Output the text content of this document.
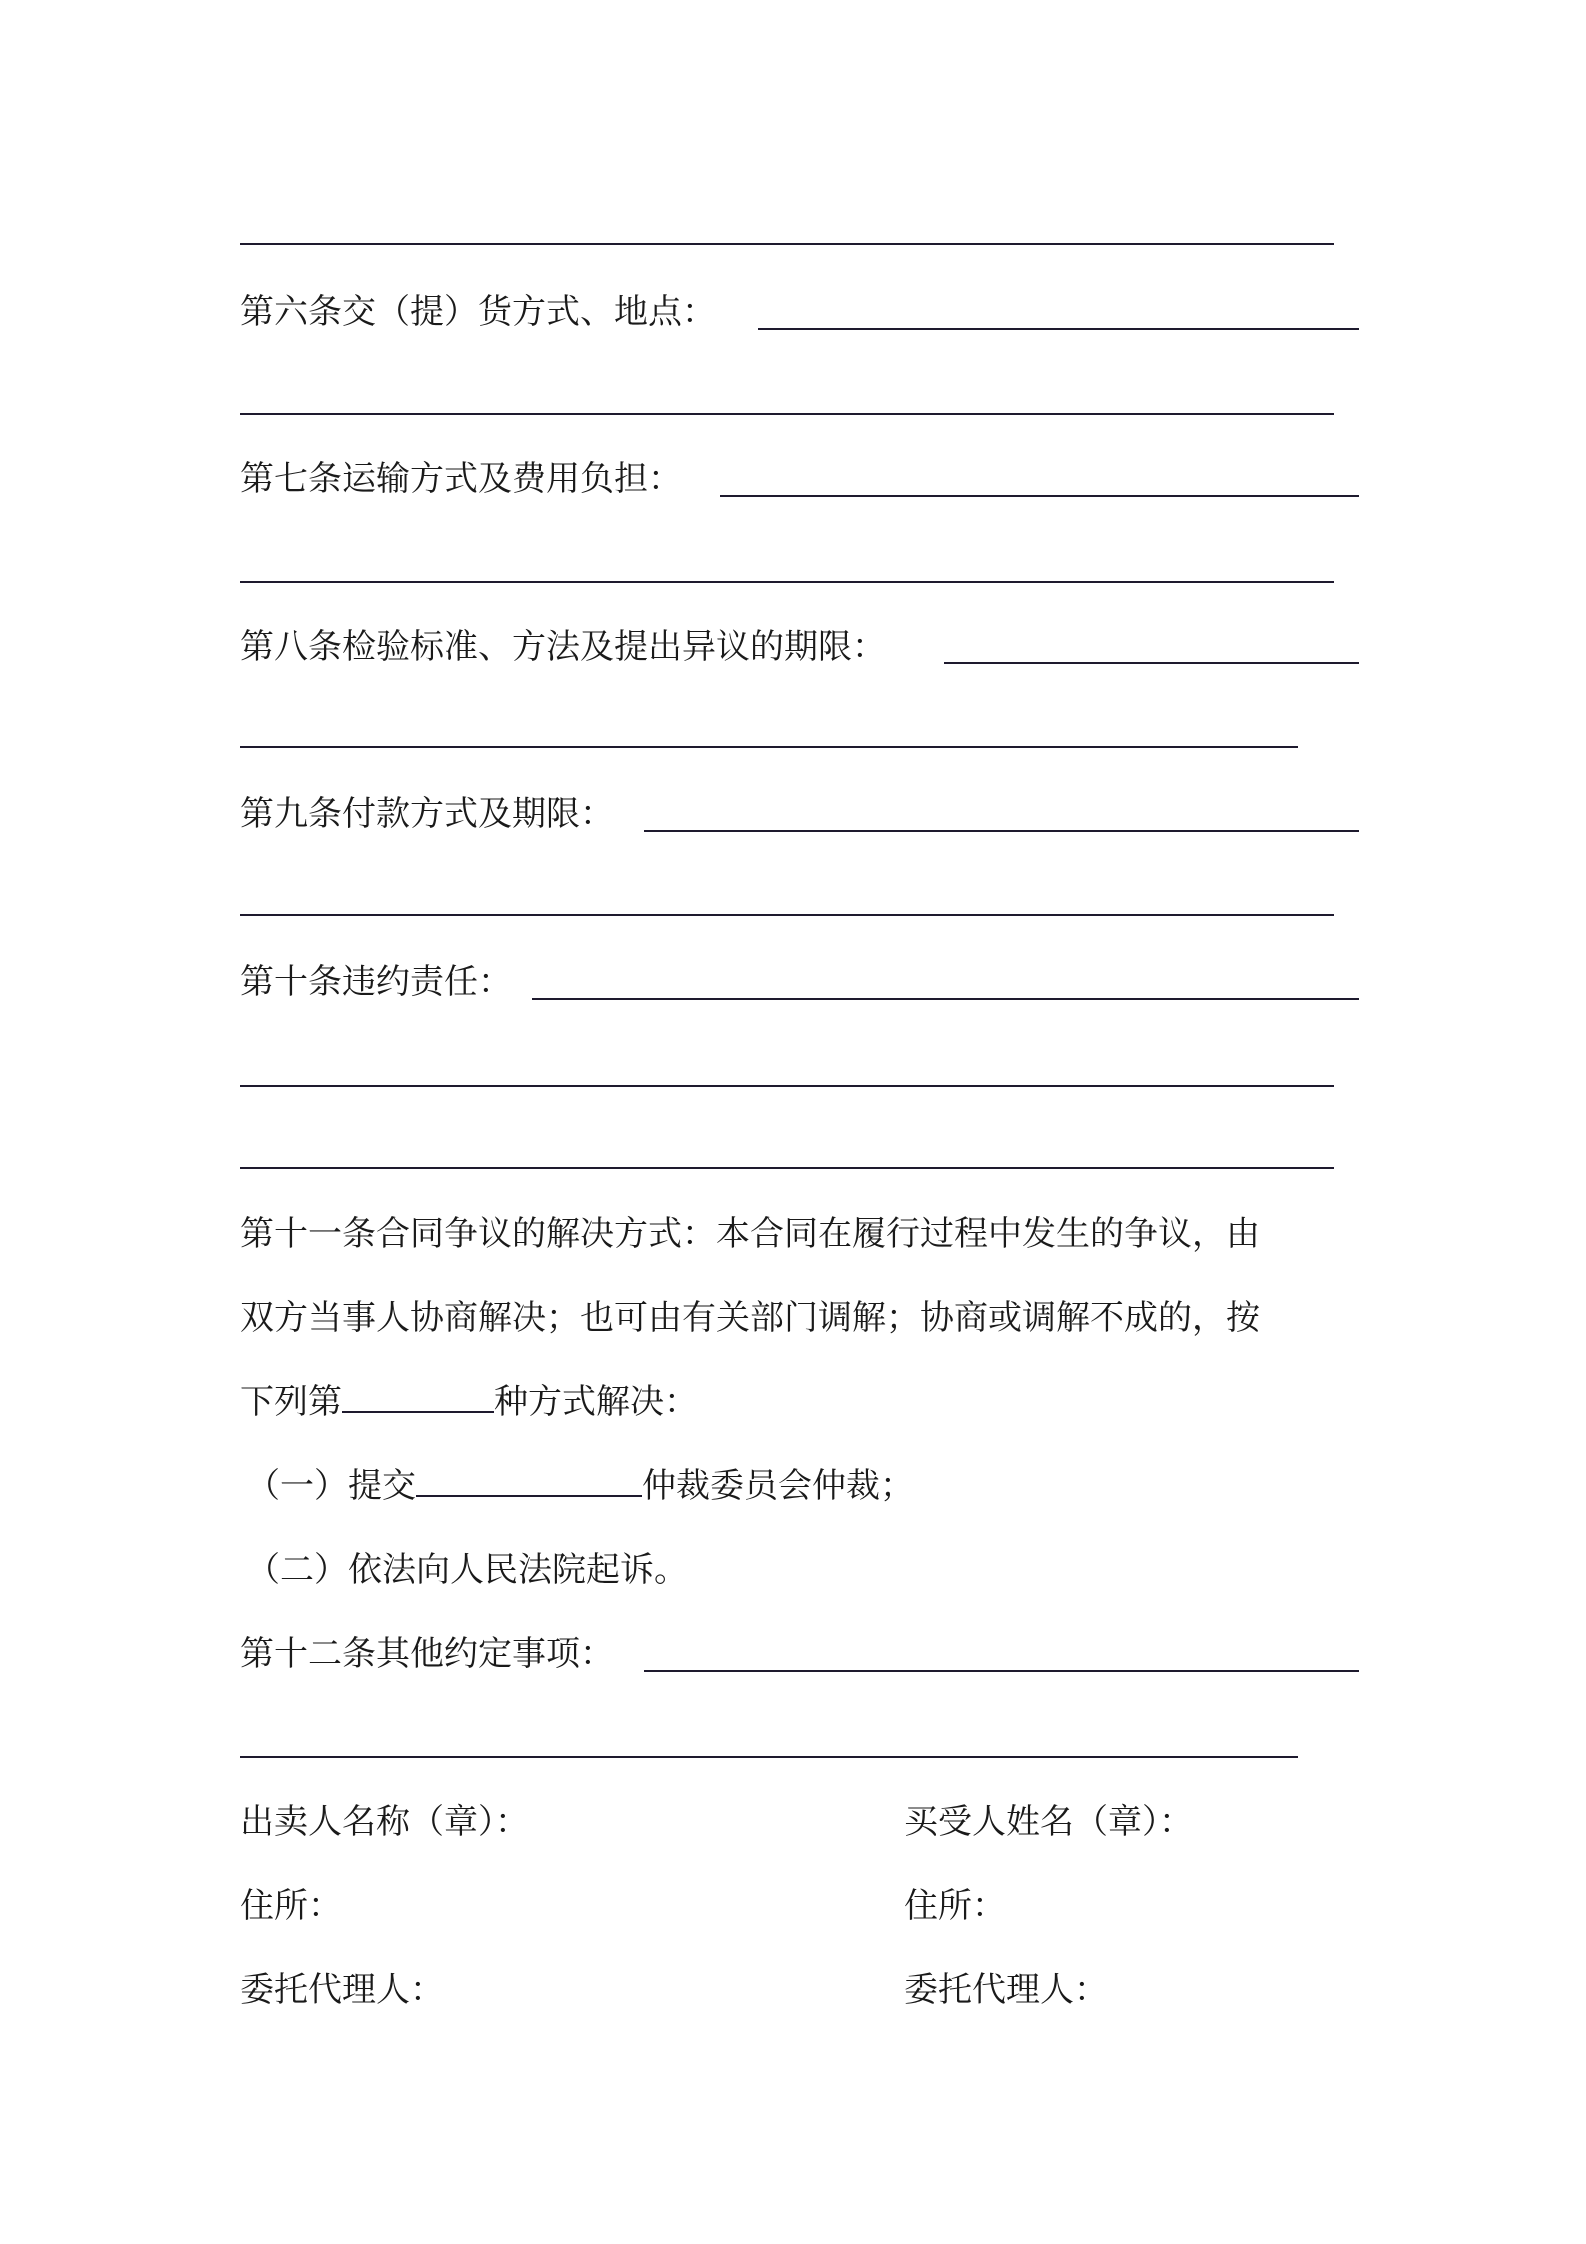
第六条交（提）货方式、地点：
第七条运输方式及费用负担：
第八条检验标准、方法及提出异议的期限：
第九条付款方式及期限：
第十条违约责任：
第十一条合同争议的解决方式：本合同在履行过程中发生的争议，由
双方当事人协商解决；也可由有关部门调解；协商或调解不成的，按
下列第	种方式解决：
（一）提交	仲裁委员会仲裁；
（二）依法向人民法院起诉。
第十二条其他约定事项：
出卖人名称（章）：	买受人姓名（章）：
住所：	住所：
委托代理人：	委托代理人：
